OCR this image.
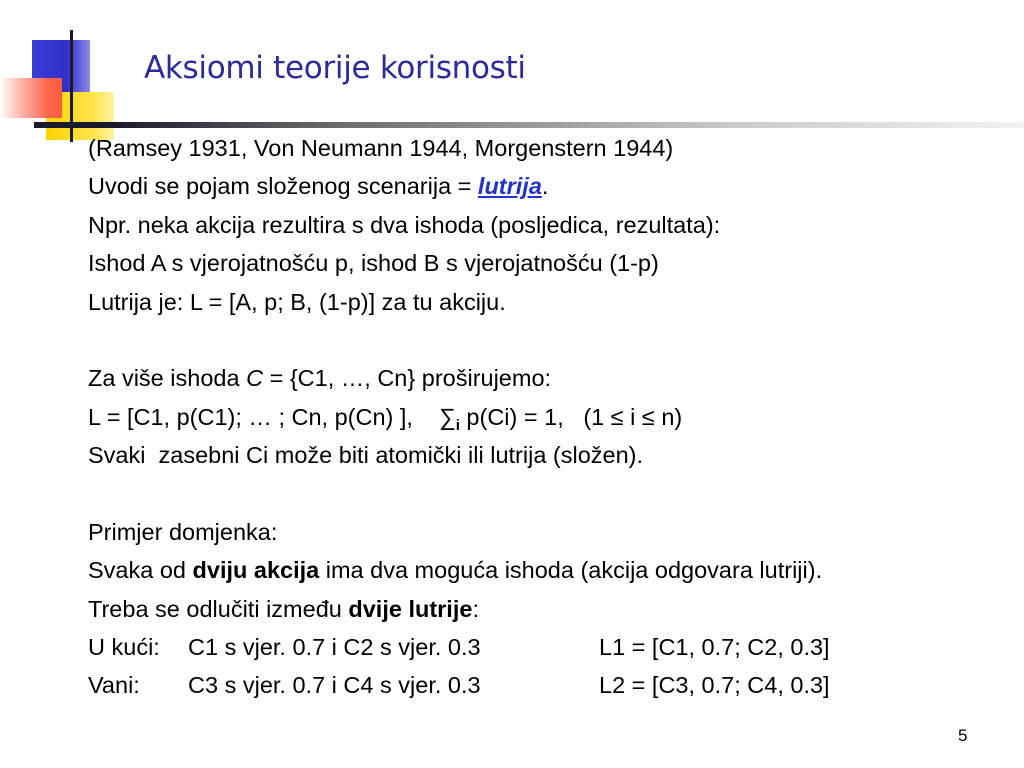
Aksiomi teorije korisnosti
(Ramsey 1931, Von Neumann 1944, Morgenstern 1944)
Uvodi se pojam složenog scenarija = lutrija.
Npr. neka akcija rezultira s dva ishoda (posljedica, rezultata):
Ishod A s vjerojatnošću p, ishod B s vjerojatnošću (1-p)
Lutrija je: L = [A, p; B, (1-p)] za tu akciju.
Za više ishoda C = {C1, …, Cn} proširujemo:
L = [C1, p(C1); … ; Cn, p(Cn) ], $\sum_i$ p(Ci) = 1,   (1 ≤ i ≤ n)
Svaki  zasebni Ci može biti atomički ili lutrija (složen).
Primjer domjenka:
Svaka od dviju akcija ima dva moguća ishoda (akcija odgovara lutriji).
Treba se odlučiti između dvije lutrije:
U kući: C1 s vjer. 0.7 i C2 s vjer. 0.3	L1 = [C1, 0.7; C2, 0.3]
Vani: C3 s vjer. 0.7 i C4 s vjer. 0.3	L2 = [C3, 0.7; C4, 0.3]
5
